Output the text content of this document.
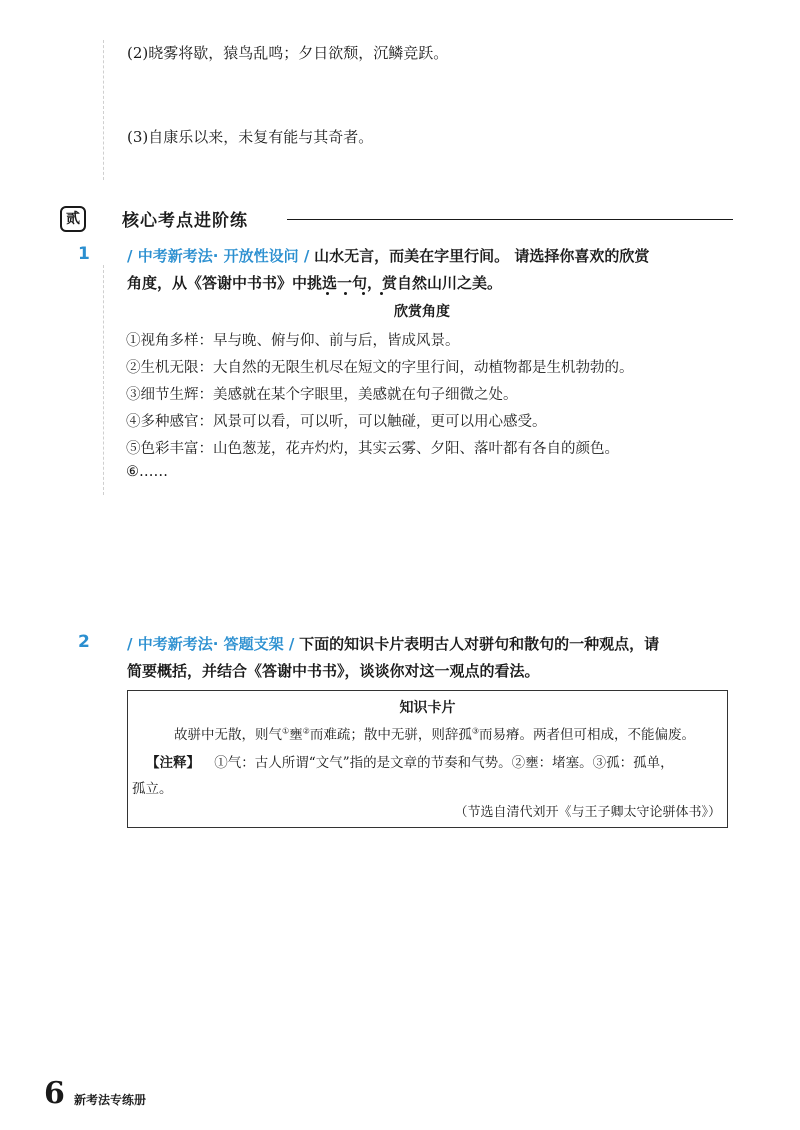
(2)晓雾将歇，猿鸟乱鸣；夕日欲颓，沉鳞竞跃。
(3)自康乐以来，未复有能与其奇者。
贰	核心考点进阶练
1 / 中考新考法· 开放性设问 / 山水无言，而美在字里行间。 请选择你喜欢的欣赏
角度，从《答谢中书书》中挑选一句，赏自然山川之美。
欣赏角度
①视角多样：早与晚、俯与仰、前与后，皆成风景。
②生机无限：大自然的无限生机尽在短文的字里行间，动植物都是生机勃勃的。
③细节生辉：美感就在某个字眼里，美感就在句子细微之处。
④多种感官：风景可以看，可以听，可以触碰，更可以用心感受。
⑤色彩丰富：山色葱茏，花卉灼灼，其实云雾、夕阳、落叶都有各自的颜色。
⑥……
2 / 中考新考法· 答题支架 / 下面的知识卡片表明古人对骈句和散句的一种观点，请
简要概括，并结合《答谢中书书》，谈谈你对这一观点的看法。
知识卡片
故骈中无散，则气①壅②而难疏；散中无骈，则辞孤③而易瘠。两者但可相成，不能偏废。
【注释】 ①气：古人所谓“文气”指的是文章的节奏和气势。②壅：堵塞。③孤：孤单，
孤立。
（节选自清代刘开《与王子卿太守论骈体书》）
6 新考法专练册
